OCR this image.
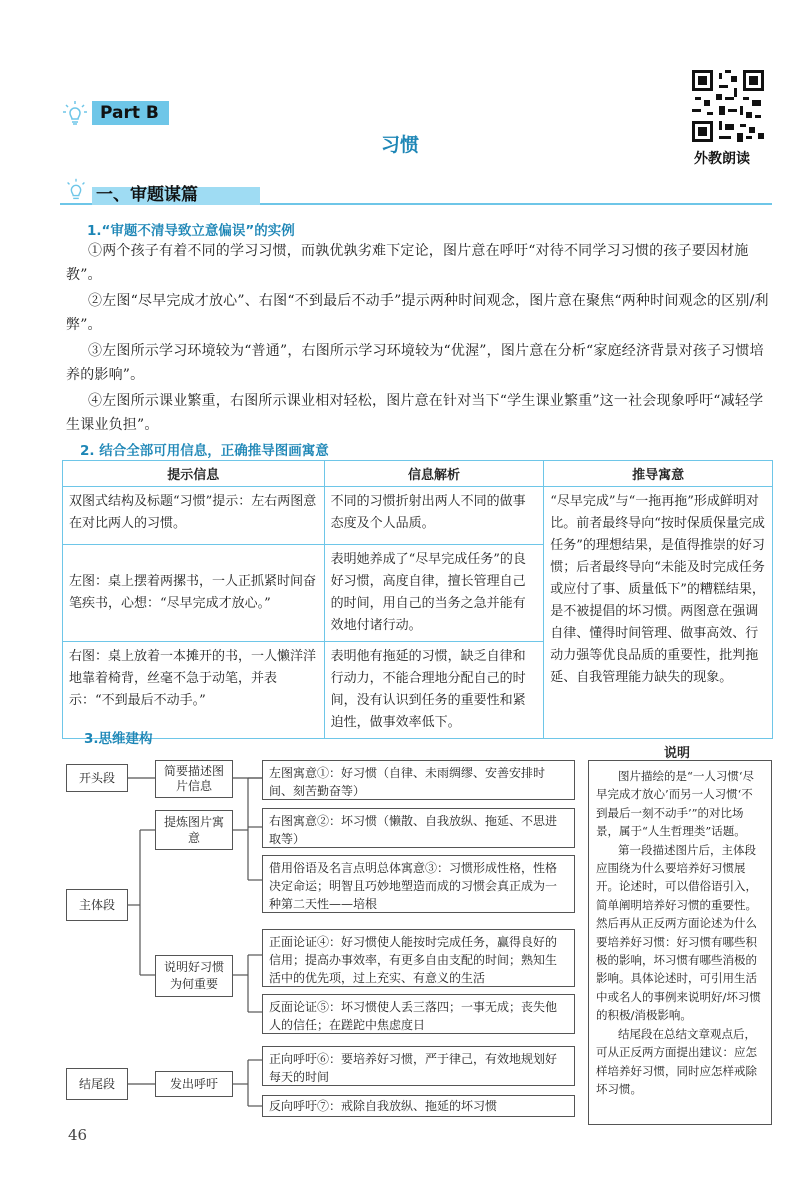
Part B
外教朗读
习惯
一、审题谋篇
1.“审题不清导致立意偏误”的实例
①两个孩子有着不同的学习习惯，而孰优孰劣难下定论，图片意在呼吁“对待不同学习习惯的孩子要因材施教”。
②左图“尽早完成才放心”、右图“不到最后不动手”提示两种时间观念，图片意在聚焦“两种时间观念的区别/利弊”。
③左图所示学习环境较为“普通”，右图所示学习环境较为“优渥”，图片意在分析“家庭经济背景对孩子习惯培养的影响”。
④左图所示课业繁重，右图所示课业相对轻松，图片意在针对当下“学生课业繁重”这一社会现象呼吁“减轻学生课业负担”。
2. 结合全部可用信息，正确推导图画寓意
提示信息	信息解析	推导寓意
双图式结构及标题“习惯”提示：左右两图意在对比两人的习惯。	不同的习惯折射出两人不同的做事态度及个人品质。	“尽早完成”与“一拖再拖”形成鲜明对比。前者最终导向“按时保质保量完成任务”的理想结果，是值得推崇的好习惯；后者最终导向“未能及时完成任务或应付了事、质量低下”的糟糕结果，是不被提倡的坏习惯。两图意在强调自律、懂得时间管理、做事高效、行动力强等优良品质的重要性，批判拖延、自我管理能力缺失的现象。
左图：桌上摆着两摞书，一人正抓紧时间奋笔疾书，心想：“尽早完成才放心。”	表明她养成了“尽早完成任务”的良好习惯，高度自律，擅长管理自己的时间，用自己的当务之急并能有效地付诸行动。	
右图：桌上放着一本摊开的书，一人懒洋洋地靠着椅背，丝毫不急于动笔，并表示：“不到最后不动手。”	表明他有拖延的习惯，缺乏自律和行动力，不能合理地分配自己的时间，没有认识到任务的重要性和紧迫性，做事效率低下。	
3.思维建构
开头段	简要描述图片信息
主体段
提炼图片寓意
说明好习惯为何重要
结尾段	发出呼吁
左图寓意①：好习惯（自律、未雨绸缪、安善安排时间、刻苦勤奋等）
右图寓意②：坏习惯（懒散、自我放纵、拖延、不思进取等）
借用俗语及名言点明总体寓意③：习惯形成性格，性格决定命运；明智且巧妙地塑造而成的习惯会真正成为一种第二天性——培根
正面论证④：好习惯使人能按时完成任务，赢得良好的信用；提高办事效率，有更多自由支配的时间；熟知生活中的优先项，过上充实、有意义的生活
反面论证⑤：坏习惯使人丢三落四；一事无成；丧失他人的信任；在蹉跎中焦虑度日
正向呼吁⑥：要培养好习惯，严于律己，有效地规划好每天的时间
反向呼吁⑦：戒除自我放纵、拖延的坏习惯
说明

图片描绘的是“一人习惯‘尽早完成才放心’而另一人习惯‘不到最后一刻不动手’”的对比场景，属于“人生哲理类”话题。

第一段描述图片后，主体段应围绕为什么要培养好习惯展开。论述时，可以借俗语引入，简单阐明培养好习惯的重要性。然后再从正反两方面论述为什么要培养好习惯：好习惯有哪些积极的影响，坏习惯有哪些消极的影响。具体论述时，可引用生活中或名人的事例来说明好/坏习惯的积极/消极影响。

结尾段在总结文章观点后，可从正反两方面提出建议：应怎样培养好习惯，同时应怎样戒除坏习惯。

46
